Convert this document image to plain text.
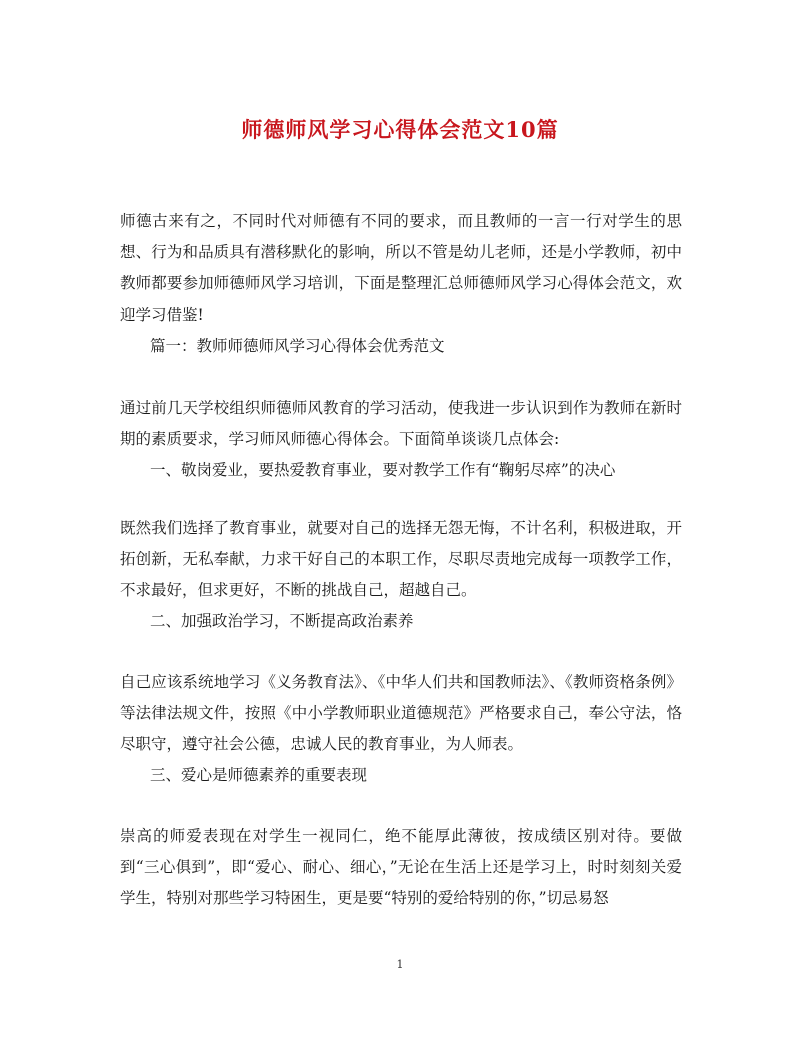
师德师风学习心得体会范文10篇
师德古来有之，不同时代对师德有不同的要求，而且教师的一言一行对学生的思想、行为和品质具有潜移默化的影响，所以不管是幼儿老师，还是小学教师，初中教师都要参加师德师风学习培训，下面是整理汇总师德师风学习心得体会范文，欢迎学习借鉴!
篇一：教师师德师风学习心得体会优秀范文
通过前几天学校组织师德师风教育的学习活动，使我进一步认识到作为教师在新时期的素质要求，学习师风师德心得体会。下面简单谈谈几点体会:
一、敬岗爱业，要热爱教育事业，要对教学工作有“鞠躬尽瘁”的决心
既然我们选择了教育事业，就要对自己的选择无怨无悔，不计名利，积极进取，开拓创新，无私奉献，力求干好自己的本职工作，尽职尽责地完成每一项教学工作，不求最好，但求更好，不断的挑战自己，超越自己。
二、加强政治学习，不断提高政治素养
自己应该系统地学习《义务教育法》、《中华人们共和国教师法》、《教师资格条例》等法律法规文件，按照《中小学教师职业道德规范》严格要求自己，奉公守法，恪尽职守，遵守社会公德，忠诚人民的教育事业，为人师表。
三、爱心是师德素养的重要表现
崇高的师爱表现在对学生一视同仁，绝不能厚此薄彼，按成绩区别对待。要做到“三心俱到”，即“爱心、耐心、细心，”无论在生活上还是学习上，时时刻刻关爱学生，特别对那些学习特困生，更是要“特别的爱给特别的你，”切忌易怒
1
